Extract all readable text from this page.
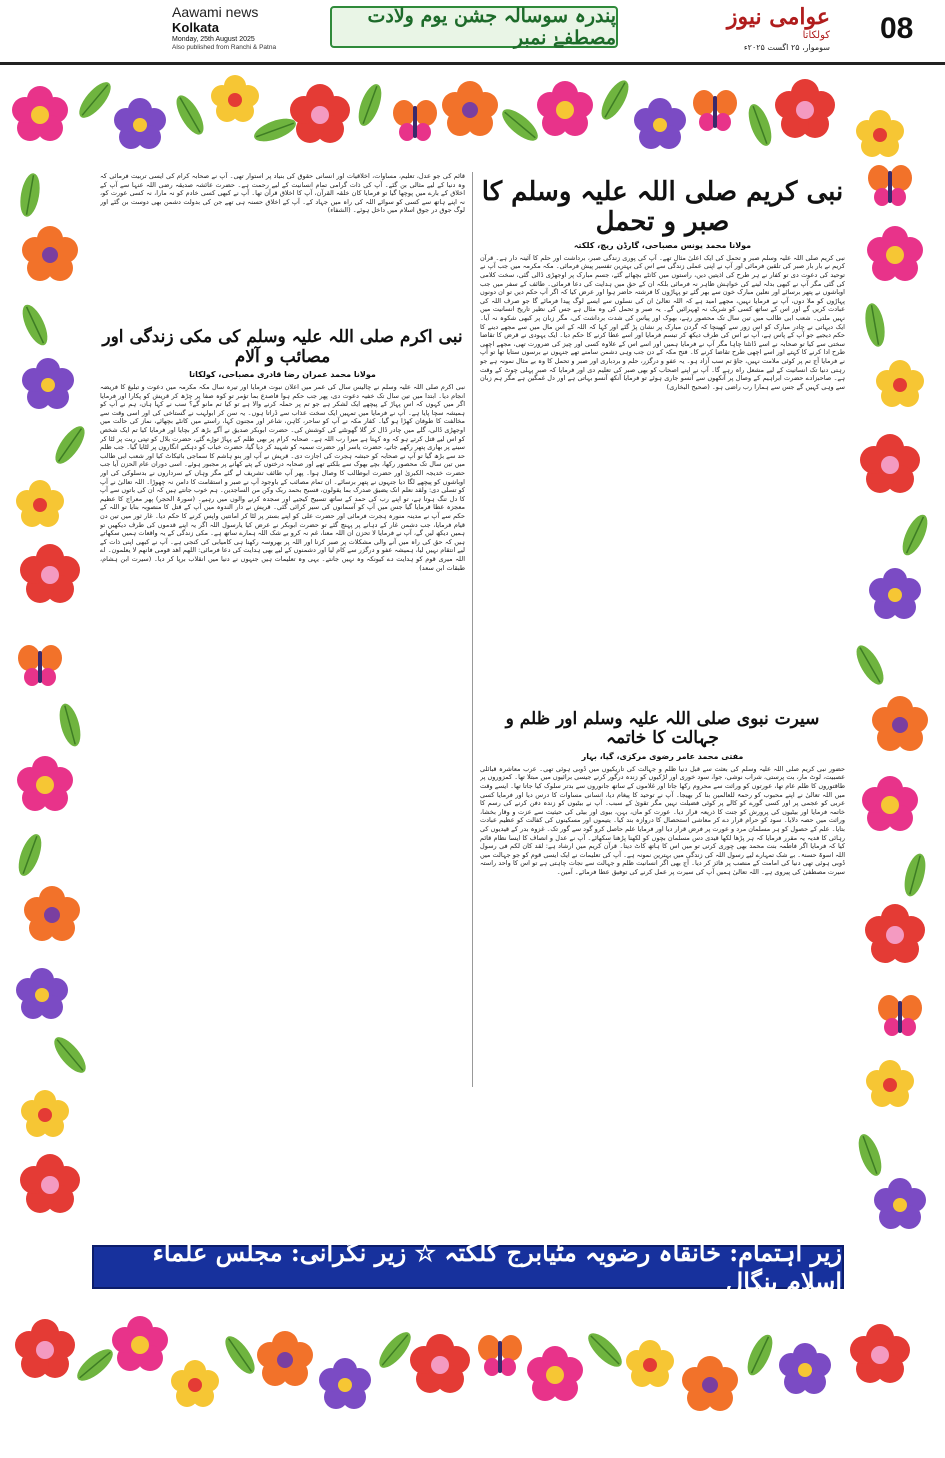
Aawami news
Kolkata
Monday, 25th August 2025
Also published from Ranchi & Patna
پندرہ سوسالہ جشن یوم ولادت مصطفےٰ نمبر
عوامی نیوز
کولکاتا
سوموار، ۲۵ اگست ۲۰۲۵ء
08
نبی کریم صلی اللہ علیہ وسلم کا صبر و تحمل
مولانا محمد یونس مصباحی، گارڈن ریچ، کلکتہ

نبی کریم صلی اللہ علیہ وسلم صبر و تحمل کی ایک اعلیٰ مثال تھے۔ آپ کی پوری زندگی صبر، برداشت اور حلم کا آئینہ دار ہے۔ قرآن کریم نے بار بار صبر کی تلقین فرمائی اور آپ نے اپنی عملی زندگی سے اس کی بہترین تفسیر پیش فرمائی۔ مکہ مکرمہ میں جب آپ نے توحید کی دعوت دی تو کفار نے ہر طرح کی اذیتیں دیں، راستوں میں کانٹے بچھائے گئے، جسم مبارک پر اوجھڑی ڈالی گئی، سخت کلامی کی گئی مگر آپ نے کبھی بدلہ لینے کی خواہش ظاہر نہ فرمائی بلکہ ان کے حق میں ہدایت کی دعا فرمائی۔ طائف کے سفر میں جب اوباشوں نے پتھر برسائے اور نعلین مبارک خون سے بھر گئے تو پہاڑوں کا فرشتہ حاضر ہوا اور عرض کیا کہ اگر آپ حکم دیں تو ان دونوں پہاڑوں کو ملا دوں، آپ نے فرمایا نہیں، مجھے امید ہے کہ اللہ تعالیٰ ان کی نسلوں سے ایسے لوگ پیدا فرمائے گا جو صرف اللہ کی عبادت کریں گے اور اس کے ساتھ کسی کو شریک نہ ٹھہرائیں گے۔ یہ صبر و تحمل کی وہ مثال ہے جس کی نظیر تاریخ انسانیت میں نہیں ملتی۔ شعب ابی طالب میں تین سال تک محصور رہے، بھوک اور پیاس کی شدت برداشت کی، مگر زبان پر کبھی شکوہ نہ آیا۔ ایک دیہاتی نے چادر مبارک کو اس زور سے کھینچا کہ گردن مبارک پر نشان پڑ گئے اور کہا کہ اللہ کے اس مال میں سے مجھے دینے کا حکم دیجیے جو آپ کے پاس ہے، آپ نے اس کی طرف دیکھ کر تبسم فرمایا اور اسے عطا کرنے کا حکم دیا۔ ایک یہودی نے قرض کا تقاضا سختی سے کیا تو صحابہ نے اسے ڈانٹنا چاہا مگر آپ نے فرمایا ہمیں اور اسے اس کے علاوہ کسی اور چیز کی ضرورت تھی، مجھے اچھی طرح ادا کرنے کا کہتے اور اسے اچھی طرح تقاضا کرنے کا۔ فتح مکہ کے دن جب وہی دشمن سامنے تھے جنہوں نے برسوں ستایا تھا تو آپ نے فرمایا آج تم پر کوئی ملامت نہیں، جاؤ تم سب آزاد ہو۔ یہ عفو و درگزر، حلم و بردباری اور صبر و تحمل کا وہ بے مثال نمونہ ہے جو رہتی دنیا تک انسانیت کے لیے مشعل راہ رہے گا۔ آپ نے اپنے اصحاب کو بھی صبر کی تعلیم دی اور فرمایا کہ صبر پہلی چوٹ کے وقت ہے۔ صاحبزادے حضرت ابراہیم کے وصال پر آنکھوں سے آنسو جاری ہوئے تو فرمایا آنکھ آنسو بہاتی ہے اور دل غمگین ہے مگر ہم زبان سے وہی کہیں گے جس سے ہمارا رب راضی ہو۔ (صحیح البخاری)

سیرت نبوی صلی اللہ علیہ وسلم اور ظلم و جہالت کا خاتمہ
مفتی محمد عامر رضوی مرکزی، گیا، بہار

حضور نبی کریم صلی اللہ علیہ وسلم کی بعثت سے قبل دنیا ظلم و جہالت کی تاریکیوں میں ڈوبی ہوئی تھی۔ عرب معاشرہ قبائلی عصبیت، لوٹ مار، بت پرستی، شراب نوشی، جوا، سود خوری اور لڑکیوں کو زندہ درگور کرنے جیسی برائیوں میں مبتلا تھا۔ کمزوروں پر طاقتوروں کا ظلم عام تھا، عورتوں کو وراثت سے محروم رکھا جاتا اور غلاموں کے ساتھ جانوروں سے بدتر سلوک کیا جاتا تھا۔ ایسے وقت میں اللہ تعالیٰ نے اپنے محبوب کو رحمۃ للعالمین بنا کر بھیجا۔ آپ نے توحید کا پیغام دیا، انسانی مساوات کا درس دیا اور فرمایا کسی عربی کو عجمی پر اور کسی گورے کو کالے پر کوئی فضیلت نہیں مگر تقویٰ کے سبب۔ آپ نے بیٹیوں کو زندہ دفن کرنے کی رسم کا خاتمہ فرمایا اور بیٹیوں کی پرورش کو جنت کا ذریعہ قرار دیا۔ عورت کو ماں، بہن، بیوی اور بیٹی کی حیثیت سے عزت و وقار بخشا، وراثت میں حصہ دلایا۔ سود کو حرام قرار دے کر معاشی استحصال کا دروازہ بند کیا۔ یتیموں اور مسکینوں کی کفالت کو عظیم عبادت بتایا۔ علم کے حصول کو ہر مسلمان مرد و عورت پر فرض قرار دیا اور فرمایا علم حاصل کرو گود سے گور تک۔ غزوہ بدر کے قیدیوں کی رہائی کا فدیہ یہ مقرر فرمایا کہ ہر پڑھا لکھا قیدی دس مسلمان بچوں کو لکھنا پڑھنا سکھائے۔ آپ نے عدل و انصاف کا ایسا نظام قائم کیا کہ فرمایا اگر فاطمہ بنت محمد بھی چوری کرتی تو میں اس کا ہاتھ کاٹ دیتا۔ قرآن کریم میں ارشاد ہے: لقد کان لکم فی رسول اللہ اسوۃ حسنۃ۔ بے شک تمہارے لیے رسول اللہ کی زندگی میں بہترین نمونہ ہے۔ آپ کی تعلیمات نے ایک ایسی قوم کو جو جہالت میں ڈوبی ہوئی تھی دنیا کی امامت کے منصب پر فائز کر دیا۔ آج بھی اگر انسانیت ظلم و جہالت سے نجات چاہتی ہے تو اس کا واحد راستہ سیرت مصطفیٰ کی پیروی ہے۔ اللہ تعالیٰ ہمیں آپ کی سیرت پر عمل کرنے کی توفیق عطا فرمائے۔ آمین۔

قائم کی جو عدل، تعلیم، مساوات، اخلاقیات اور انسانی حقوق کی بنیاد پر استوار تھی۔ آپ نے صحابہ کرام کی ایسی تربیت فرمائی کہ وہ دنیا کے لیے مثالی بن گئے۔ آپ کی ذات گرامی تمام انسانیت کے لیے رحمت ہے۔ حضرت عائشہ صدیقہ رضی اللہ عنہا سے آپ کے اخلاق کے بارے میں پوچھا گیا تو فرمایا کان خلقہ القرآن، آپ کا اخلاق قرآن تھا۔ آپ نے کبھی کسی خادم کو نہ مارا، نہ کسی عورت کو، نہ اپنے ہاتھ سے کسی کو سوائے اللہ کی راہ میں جہاد کے۔ آپ کے اخلاق حسنہ ہی تھے جن کی بدولت دشمن بھی دوست بن گئے اور لوگ جوق در جوق اسلام میں داخل ہوئے۔ (الشفاء)

نبی اکرم صلی اللہ علیہ وسلم کی مکی زندگی اور مصائب و آلام
مولانا محمد عمران رضا قادری مصباحی، کولکاتا

نبی اکرم صلی اللہ علیہ وسلم نے چالیس سال کی عمر میں اعلان نبوت فرمایا اور تیرہ سال مکہ مکرمہ میں دعوت و تبلیغ کا فریضہ انجام دیا۔ ابتدا میں تین سال تک خفیہ دعوت دی، پھر جب حکم ہوا فاصدع بما تؤمر تو کوہ صفا پر چڑھ کر قریش کو پکارا اور فرمایا اگر میں کہوں کہ اس پہاڑ کے پیچھے ایک لشکر ہے جو تم پر حملہ کرنے والا ہے تو کیا تم مانو گے؟ سب نے کہا ہاں، ہم نے آپ کو ہمیشہ سچا پایا ہے۔ آپ نے فرمایا میں تمہیں ایک سخت عذاب سے ڈراتا ہوں۔ یہ سن کر ابولہب نے گستاخی کی اور اسی وقت سے مخالفت کا طوفان کھڑا ہو گیا۔ کفار مکہ نے آپ کو ساحر، کاہن، شاعر اور مجنون کہا، راستے میں کانٹے بچھائے، نماز کی حالت میں اوجھڑی ڈالی، گلے میں چادر ڈال کر گلا گھونٹنے کی کوشش کی۔ حضرت ابوبکر صدیق نے آگے بڑھ کر بچایا اور فرمایا کیا تم ایک شخص کو اس لیے قتل کرتے ہو کہ وہ کہتا ہے میرا رب اللہ ہے۔ صحابہ کرام پر بھی ظلم کے پہاڑ توڑے گئے، حضرت بلال کو تپتی ریت پر لٹا کر سینے پر بھاری پتھر رکھے جاتے، حضرت یاسر اور حضرت سمیہ کو شہید کر دیا گیا، حضرت خباب کو دہکتے انگاروں پر لٹایا گیا۔ جب ظلم حد سے بڑھ گیا تو آپ نے صحابہ کو حبشہ ہجرت کی اجازت دی۔ قریش نے آپ اور بنو ہاشم کا سماجی بائیکاٹ کیا اور شعب ابی طالب میں تین سال تک محصور رکھا، بچے بھوک سے بلکتے تھے اور صحابہ درختوں کے پتے کھانے پر مجبور ہوئے۔ اسی دوران عام الحزن آیا جب حضرت خدیجہ الکبریٰ اور حضرت ابوطالب کا وصال ہوا۔ پھر آپ طائف تشریف لے گئے مگر وہاں کے سرداروں نے بدسلوکی کی اور اوباشوں کو پیچھے لگا دیا جنہوں نے پتھر برسائے۔ ان تمام مصائب کے باوجود آپ نے صبر و استقامت کا دامن نہ چھوڑا۔ اللہ تعالیٰ نے آپ کو تسلی دی: ولقد نعلم انک یضیق صدرک بما یقولون، فسبح بحمد ربک وکن من الساجدین۔ ہم خوب جانتے ہیں کہ ان کی باتوں سے آپ کا دل تنگ ہوتا ہے، تو اپنے رب کی حمد کے ساتھ تسبیح کیجیے اور سجدہ کرنے والوں میں رہیے۔ (سورۃ الحجر) پھر معراج کا عظیم معجزہ عطا فرمایا گیا جس میں آپ کو آسمانوں کی سیر کرائی گئی۔ قریش نے دار الندوہ میں آپ کے قتل کا منصوبہ بنایا تو اللہ کے حکم سے آپ نے مدینہ منورہ ہجرت فرمائی اور حضرت علی کو اپنے بستر پر لٹا کر امانتیں واپس کرنے کا حکم دیا۔ غار ثور میں تین دن قیام فرمایا، جب دشمن غار کے دہانے پر پہنچ گئے تو حضرت ابوبکر نے عرض کیا یارسول اللہ اگر یہ اپنے قدموں کی طرف دیکھیں تو ہمیں دیکھ لیں گے، آپ نے فرمایا لا تحزن ان اللہ معنا، غم نہ کرو بے شک اللہ ہمارے ساتھ ہے۔ مکی زندگی کے یہ واقعات ہمیں سکھاتے ہیں کہ حق کی راہ میں آنے والی مشکلات پر صبر کرنا اور اللہ پر بھروسہ رکھنا ہی کامیابی کی کنجی ہے۔ آپ نے کبھی اپنی ذات کے لیے انتقام نہیں لیا، ہمیشہ عفو و درگزر سے کام لیا اور دشمنوں کے لیے بھی ہدایت کی دعا فرمائی: اللھم اھد قومی فانھم لا یعلمون۔ اے اللہ میری قوم کو ہدایت دے کیونکہ وہ نہیں جانتے۔ یہی وہ تعلیمات ہیں جنہوں نے دنیا میں انقلاب برپا کر دیا۔ (سیرت ابن ہشام، طبقات ابن سعد)

زیر اہتمام: خانقاہ رضویہ مٹیابرج کلکتہ ☆ زیر نگرانی: مجلس علماء اسلام بنگال
